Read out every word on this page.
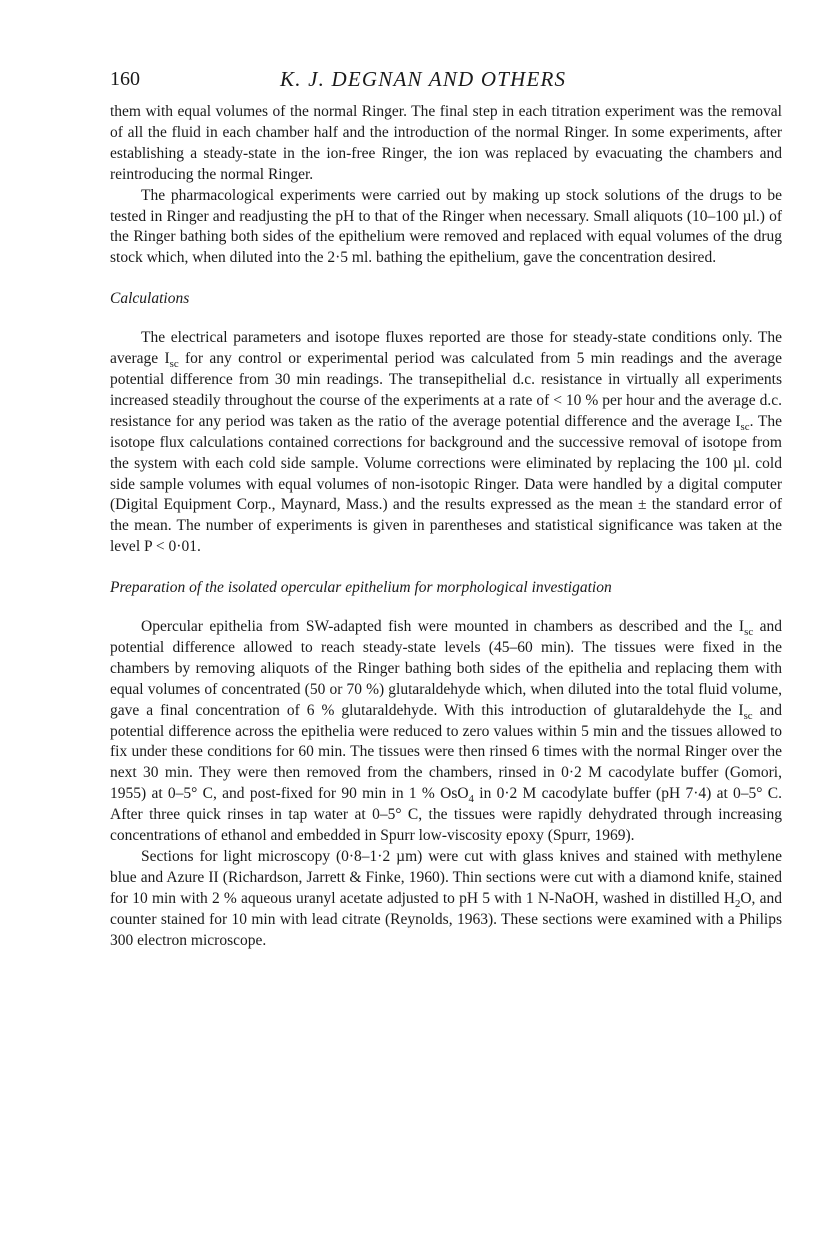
160	K. J. DEGNAN AND OTHERS

them with equal volumes of the normal Ringer. The final step in each titration experiment was the removal of all the fluid in each chamber half and the introduction of the normal Ringer. In some experiments, after establishing a steady-state in the ion-free Ringer, the ion was replaced by evacuating the chambers and reintroducing the normal Ringer.

The pharmacological experiments were carried out by making up stock solutions of the drugs to be tested in Ringer and readjusting the pH to that of the Ringer when necessary. Small aliquots (10–100 µl.) of the Ringer bathing both sides of the epithelium were removed and replaced with equal volumes of the drug stock which, when diluted into the 2·5 ml. bathing the epithelium, gave the concentration desired.

Calculations

The electrical parameters and isotope fluxes reported are those for steady-state conditions only. The average $I_{sc}$ for any control or experimental period was calculated from 5 min readings and the average potential difference from 30 min readings. The transepithelial d.c. resistance in virtually all experiments increased steadily throughout the course of the experiments at a rate of < 10 % per hour and the average d.c. resistance for any period was taken as the ratio of the average potential difference and the average $I_{sc}$. The isotope flux calculations contained corrections for background and the successive removal of isotope from the system with each cold side sample. Volume corrections were eliminated by replacing the 100 µl. cold side sample volumes with equal volumes of non-isotopic Ringer. Data were handled by a digital computer (Digital Equipment Corp., Maynard, Mass.) and the results expressed as the mean ± the standard error of the mean. The number of experiments is given in parentheses and statistical significance was taken at the level P < 0·01.

Preparation of the isolated opercular epithelium for morphological investigation

Opercular epithelia from SW-adapted fish were mounted in chambers as described and the $I_{sc}$ and potential difference allowed to reach steady-state levels (45–60 min). The tissues were fixed in the chambers by removing aliquots of the Ringer bathing both sides of the epithelia and replacing them with equal volumes of concentrated (50 or 70 %) glutaraldehyde which, when diluted into the total fluid volume, gave a final concentration of 6 % glutaraldehyde. With this introduction of glutaraldehyde the $I_{sc}$ and potential difference across the epithelia were reduced to zero values within 5 min and the tissues allowed to fix under these conditions for 60 min. The tissues were then rinsed 6 times with the normal Ringer over the next 30 min. They were then removed from the chambers, rinsed in 0·2 M cacodylate buffer (Gomori, 1955) at 0–5° C, and post-fixed for 90 min in 1 % OsO$_4$ in 0·2 M cacodylate buffer (pH 7·4) at 0–5° C. After three quick rinses in tap water at 0–5° C, the tissues were rapidly dehydrated through increasing concentrations of ethanol and embedded in Spurr low-viscosity epoxy (Spurr, 1969).

Sections for light microscopy (0·8–1·2 µm) were cut with glass knives and stained with methylene blue and Azure II (Richardson, Jarrett & Finke, 1960). Thin sections were cut with a diamond knife, stained for 10 min with 2 % aqueous uranyl acetate adjusted to pH 5 with 1 N-NaOH, washed in distilled $H_2O$, and counter stained for 10 min with lead citrate (Reynolds, 1963). These sections were examined with a Philips 300 electron microscope.
